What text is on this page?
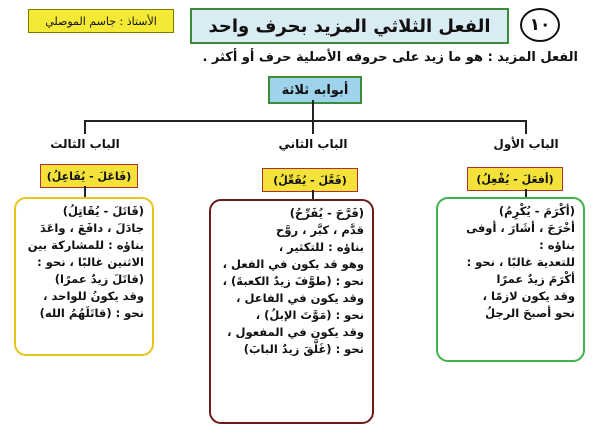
١٠
الفعل الثلاثي المزيد بحرف واحد
الأستاذ : جاسم الموصلي
الفعل المزيد : هو ما زيد على حروفه الأصلية حرف أو أكثر .
أبوابه ثلاثة
الباب الثالث	الباب الثاني	الباب الأول
(فَاعَلَ - يُفَاعِلُ)	(فَعَّلَ - يُفَعِّلُ)	(أفعَلَ - يُفْعِلُ)
(قَاتَلَ - يُقَاتِلُ)
جادَلَ ، دافَعَ ، واعَدَ
بناؤه : للمشاركة بين
الاثنين غالبًا ، نحو :
(قاتَلَ زيدٌ عمرًا)
وقد يكونُ للواحد ،
نحو : (قاتَلَهُمُ الله)
(فَرَّحَ - يُفَرِّحُ)
قدَّم ، كبَّر ، روَّح
بناؤه : للتكثير ،
وهو قد يكون في الفعل ،
نحو : (طوَّفَ زيدٌ الكعبةَ) ،
وقد يكون في الفاعل ،
نحو : (مَوَّتَ الإبلُ) ،
وقد يكون في المفعول ،
نحو : (غَلَّقَ زيدٌ البابَ)
(أكْرَمَ - يُكْرِمُ)
أخْرَجَ ، أشَارَ ، أوفى
بناؤه :
للتعدية غالبًا ، نحو :
أكْرَمَ زيدٌ عمرًا
وقد يكون لازمًا ،
نحو أصبحَ الرجلُ
